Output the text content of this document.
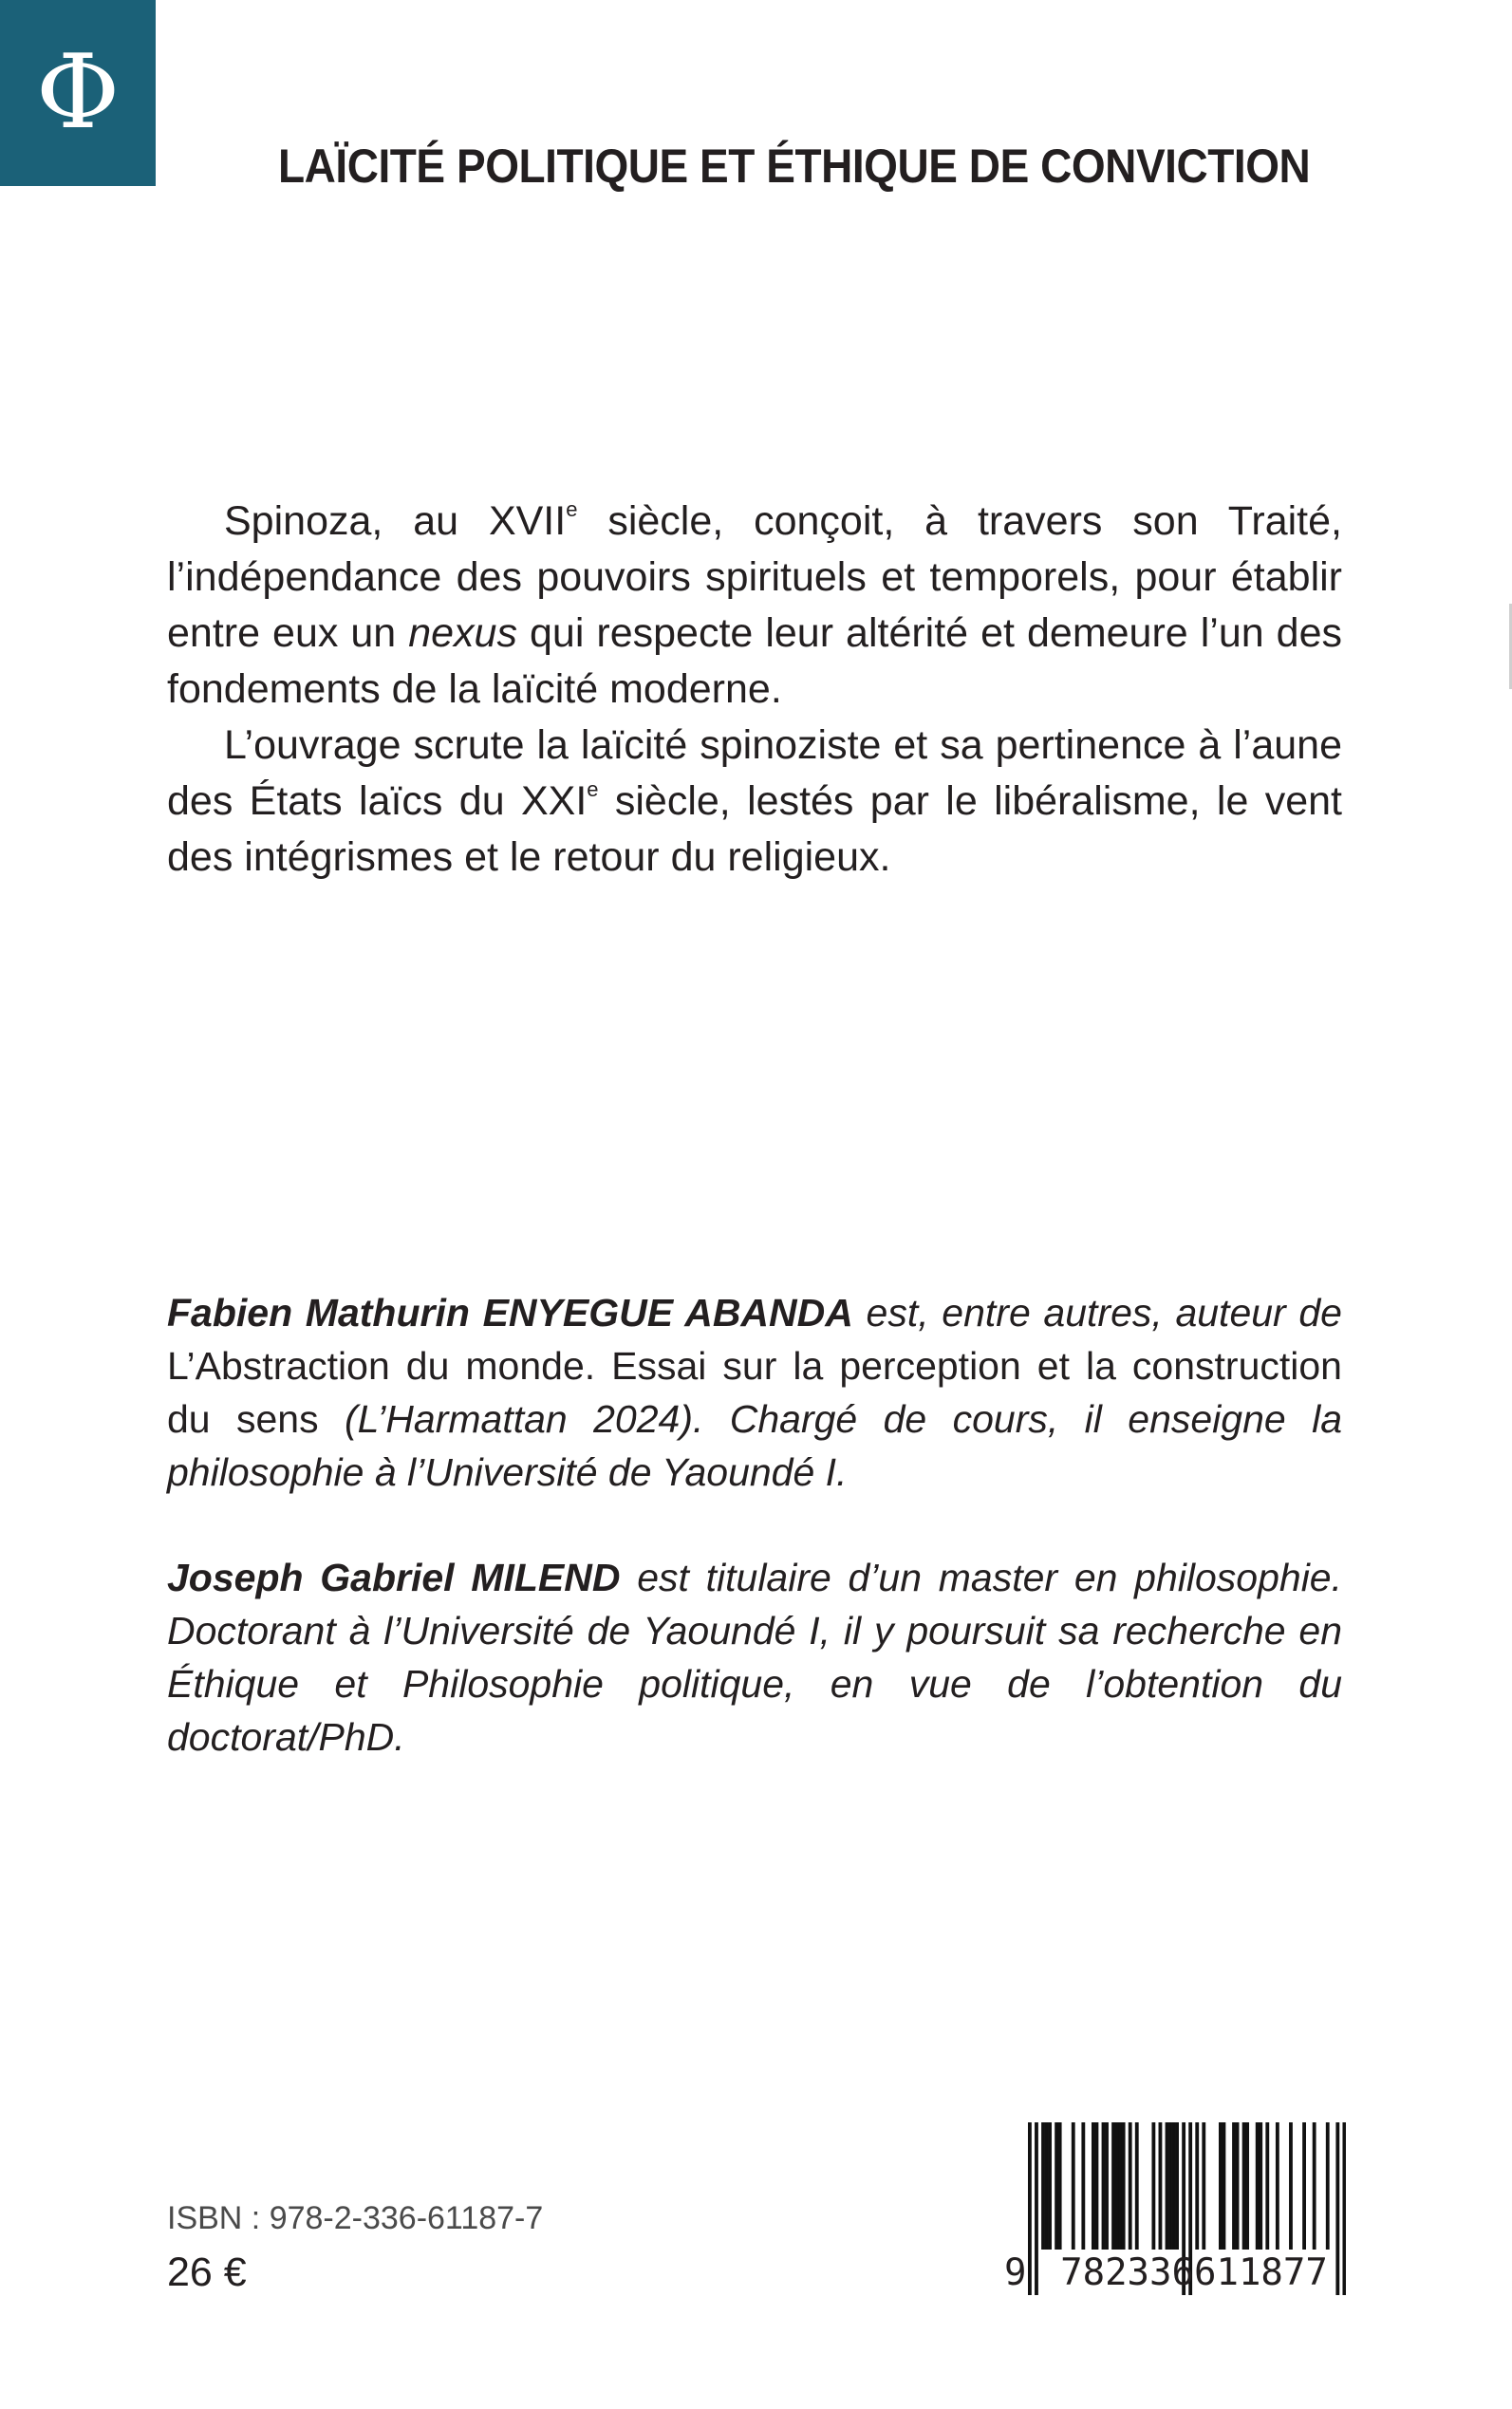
Φ
LAÏCITÉ POLITIQUE ET ÉTHIQUE DE CONVICTION

Spinoza, au XVIIe siècle, conçoit, à travers son Traité, l’indépendance des pouvoirs spirituels et temporels, pour établir entre eux un nexus qui respecte leur altérité et demeure l’un des fondements de la laïcité moderne.

L’ouvrage scrute la laïcité spinoziste et sa pertinence à l’aune des États laïcs du XXIe siècle, lestés par le libéralisme, le vent des intégrismes et le retour du religieux.

Fabien Mathurin ENYEGUE ABANDA est, entre autres, auteur de L’Abstraction du monde. Essai sur la perception et la construction du sens (L’Harmattan 2024). Chargé de cours, il enseigne la philosophie à l’Université de Yaoundé I.

Joseph Gabriel MILEND est titulaire d’un master en philosophie. Doctorant à l’Université de Yaoundé I, il y poursuit sa recherche en Éthique et Philosophie politique, en vue de l’obtention du doctorat/PhD.

ISBN : 978-2-336-61187-7
26 €	9 782336611877
